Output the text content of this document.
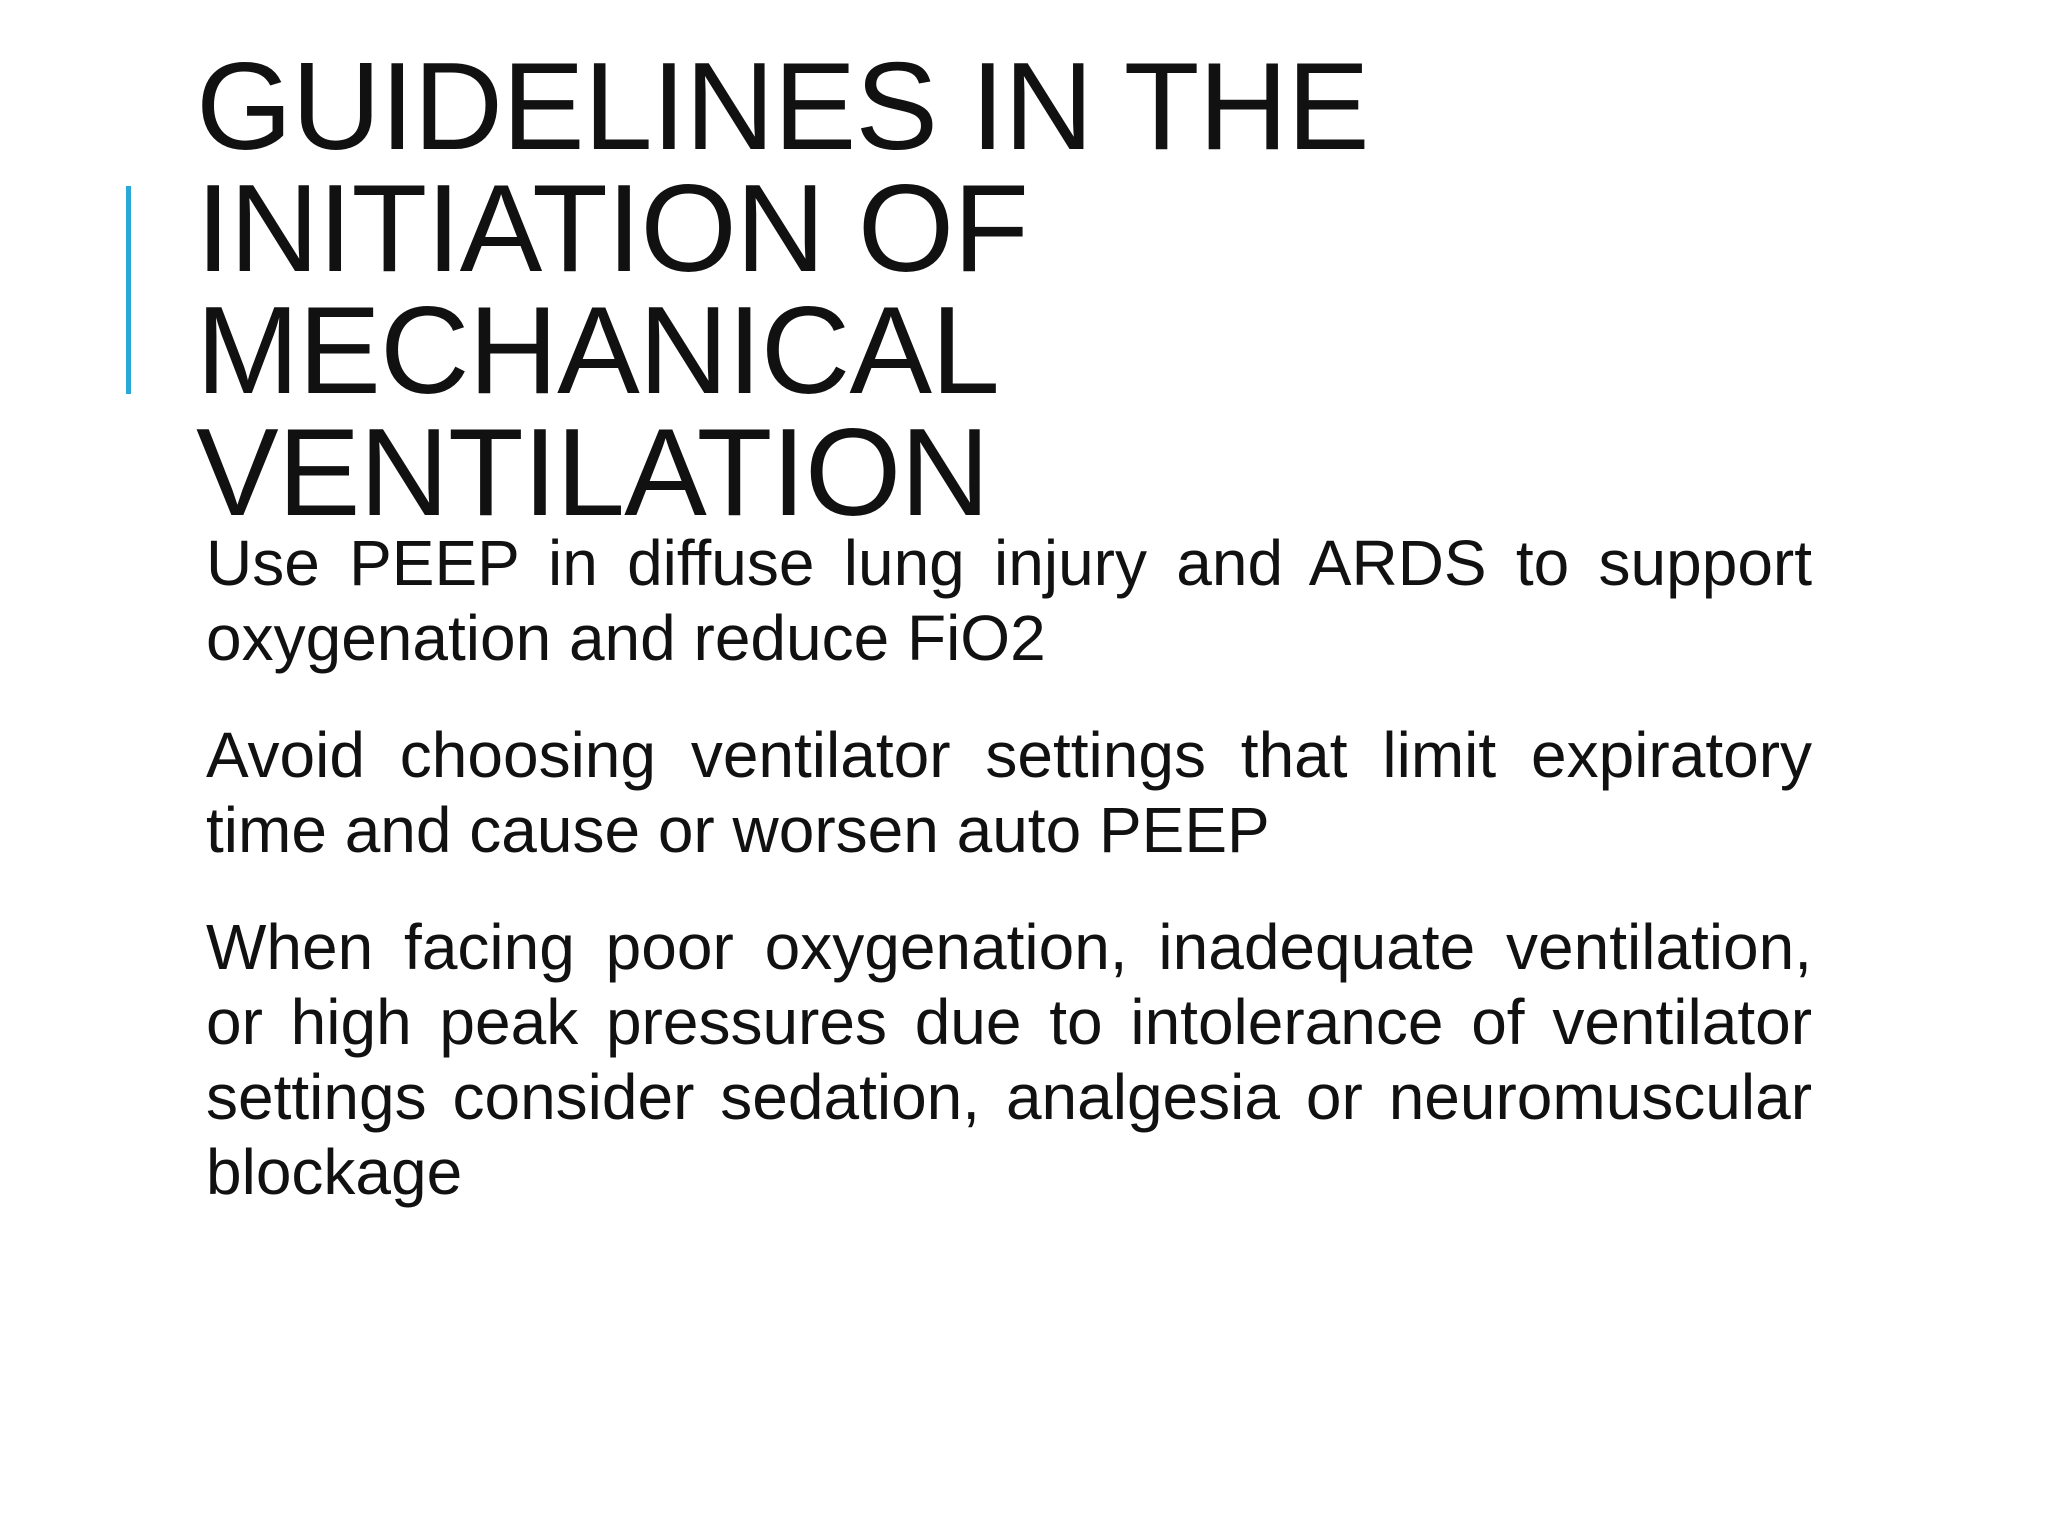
GUIDELINES IN THE
INITIATION OF
MECHANICAL
VENTILATION

Use PEEP in diffuse lung injury and ARDS to support oxygenation and reduce FiO2

Avoid choosing ventilator settings that limit expiratory time and cause or worsen auto PEEP

When facing poor oxygenation, inadequate ventilation, or high peak pressures due to intolerance of ventilator settings consider sedation, analgesia or neuromuscular blockage
